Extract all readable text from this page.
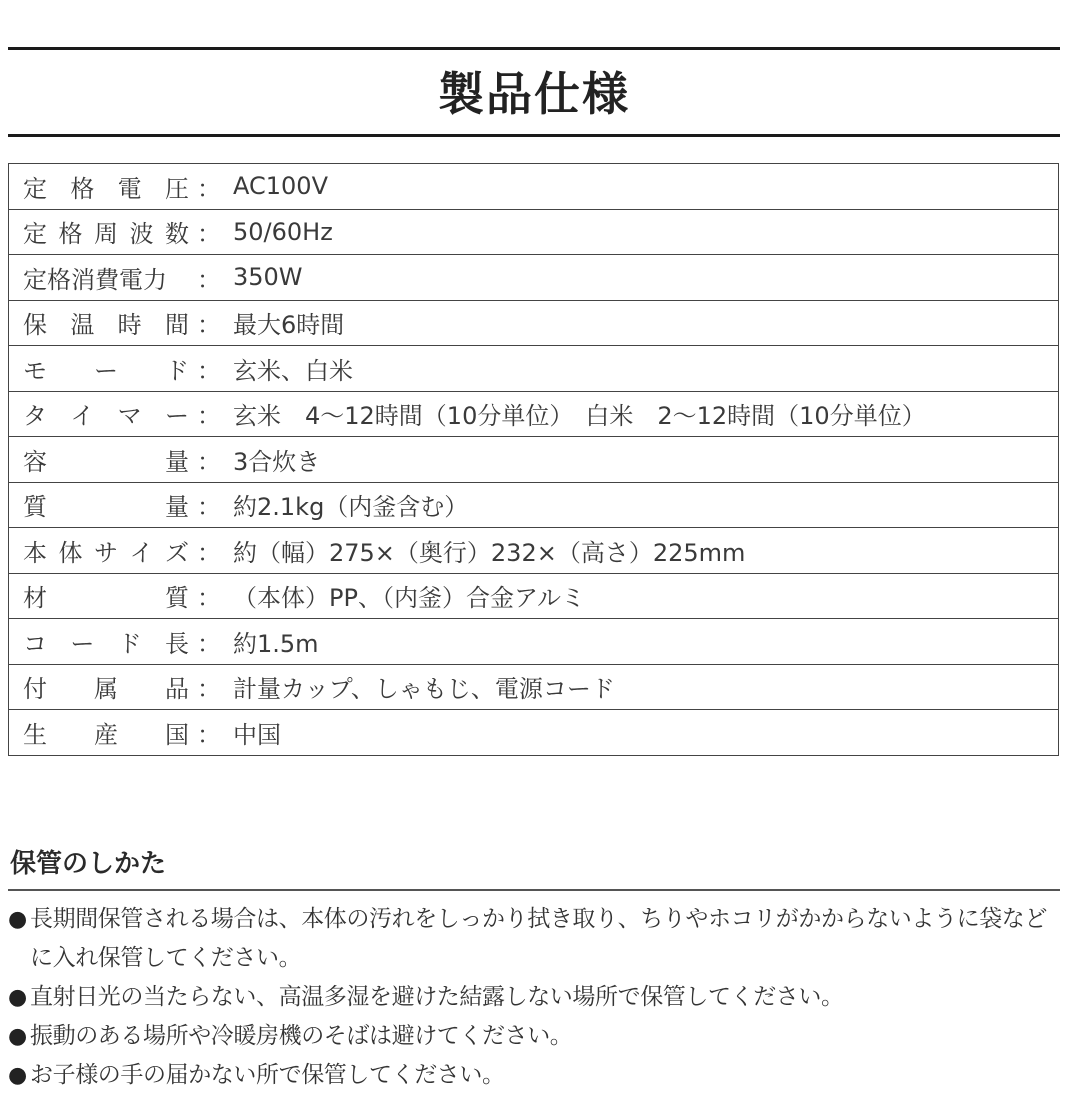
製品仕様
定 格 電 圧	：	AC100V

定 格 周 波 数	：	50/60Hz

定格消費電力	：	350W

保 温 時 間	：	最大6時間

モ ー ド	：	玄米、白米

タ イ マ ー	：	玄米　4～12時間（10分単位）　白米　2～12時間（10分単位）

容 量	：	3合炊き

質 量	：	約2.1kg（内釜含む）

本 体 サ イ ズ	：	約（幅）275×（奥行）232×（高さ）225mm

材 質	：	（本体）PP、（内釜）合金アルミ

コ ー ド 長	：	約1.5m

付 属 品	：	計量カップ、しゃもじ、電源コード

生 産 国	：	中国
保管のしかた
● 長期間保管される場合は、本体の汚れをしっかり拭き取り、ちりやホコリがかからないように袋などに入れ保管してください。
● 直射日光の当たらない、高温多湿を避けた結露しない場所で保管してください。
● 振動のある場所や冷暖房機のそばは避けてください。
● お子様の手の届かない所で保管してください。
